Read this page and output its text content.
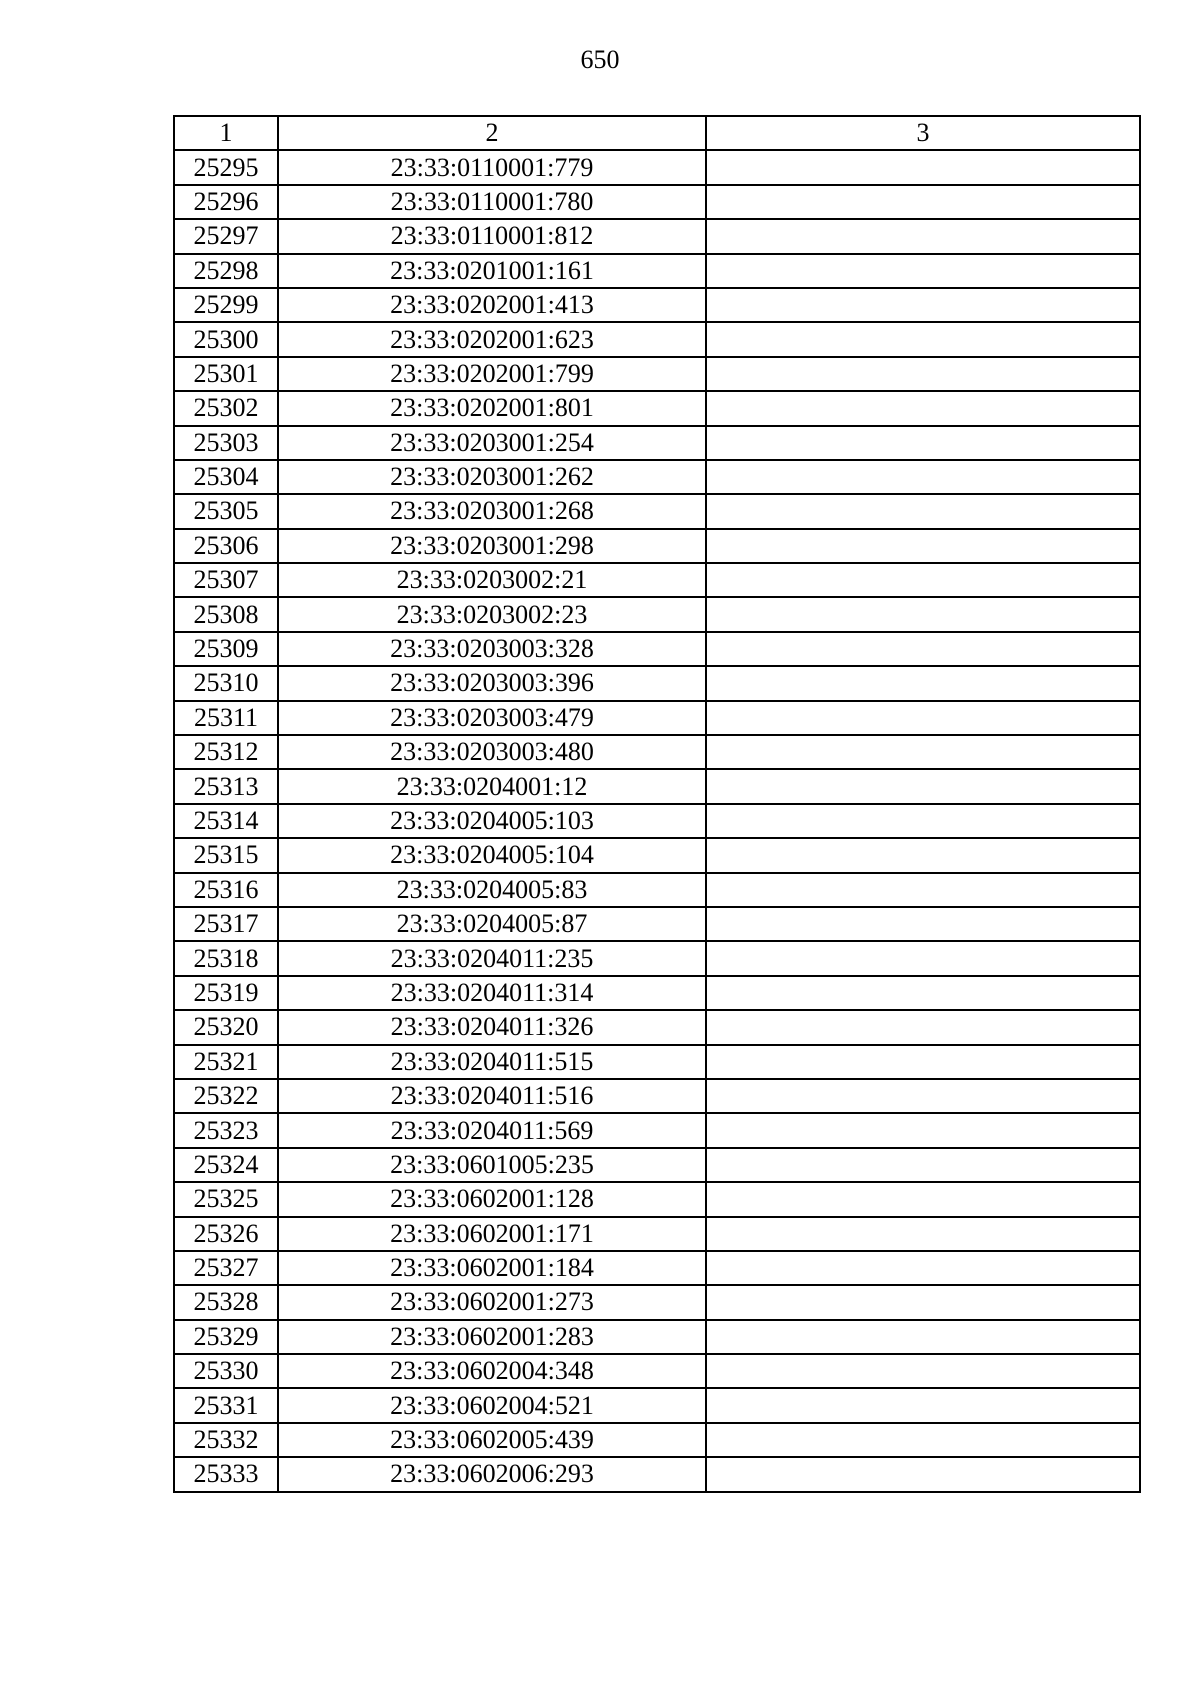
650
1	2	3
25295	23:33:0110001:779	
25296	23:33:0110001:780	
25297	23:33:0110001:812	
25298	23:33:0201001:161	
25299	23:33:0202001:413	
25300	23:33:0202001:623	
25301	23:33:0202001:799	
25302	23:33:0202001:801	
25303	23:33:0203001:254	
25304	23:33:0203001:262	
25305	23:33:0203001:268	
25306	23:33:0203001:298	
25307	23:33:0203002:21	
25308	23:33:0203002:23	
25309	23:33:0203003:328	
25310	23:33:0203003:396	
25311	23:33:0203003:479	
25312	23:33:0203003:480	
25313	23:33:0204001:12	
25314	23:33:0204005:103	
25315	23:33:0204005:104	
25316	23:33:0204005:83	
25317	23:33:0204005:87	
25318	23:33:0204011:235	
25319	23:33:0204011:314	
25320	23:33:0204011:326	
25321	23:33:0204011:515	
25322	23:33:0204011:516	
25323	23:33:0204011:569	
25324	23:33:0601005:235	
25325	23:33:0602001:128	
25326	23:33:0602001:171	
25327	23:33:0602001:184	
25328	23:33:0602001:273	
25329	23:33:0602001:283	
25330	23:33:0602004:348	
25331	23:33:0602004:521	
25332	23:33:0602005:439	
25333	23:33:0602006:293	
